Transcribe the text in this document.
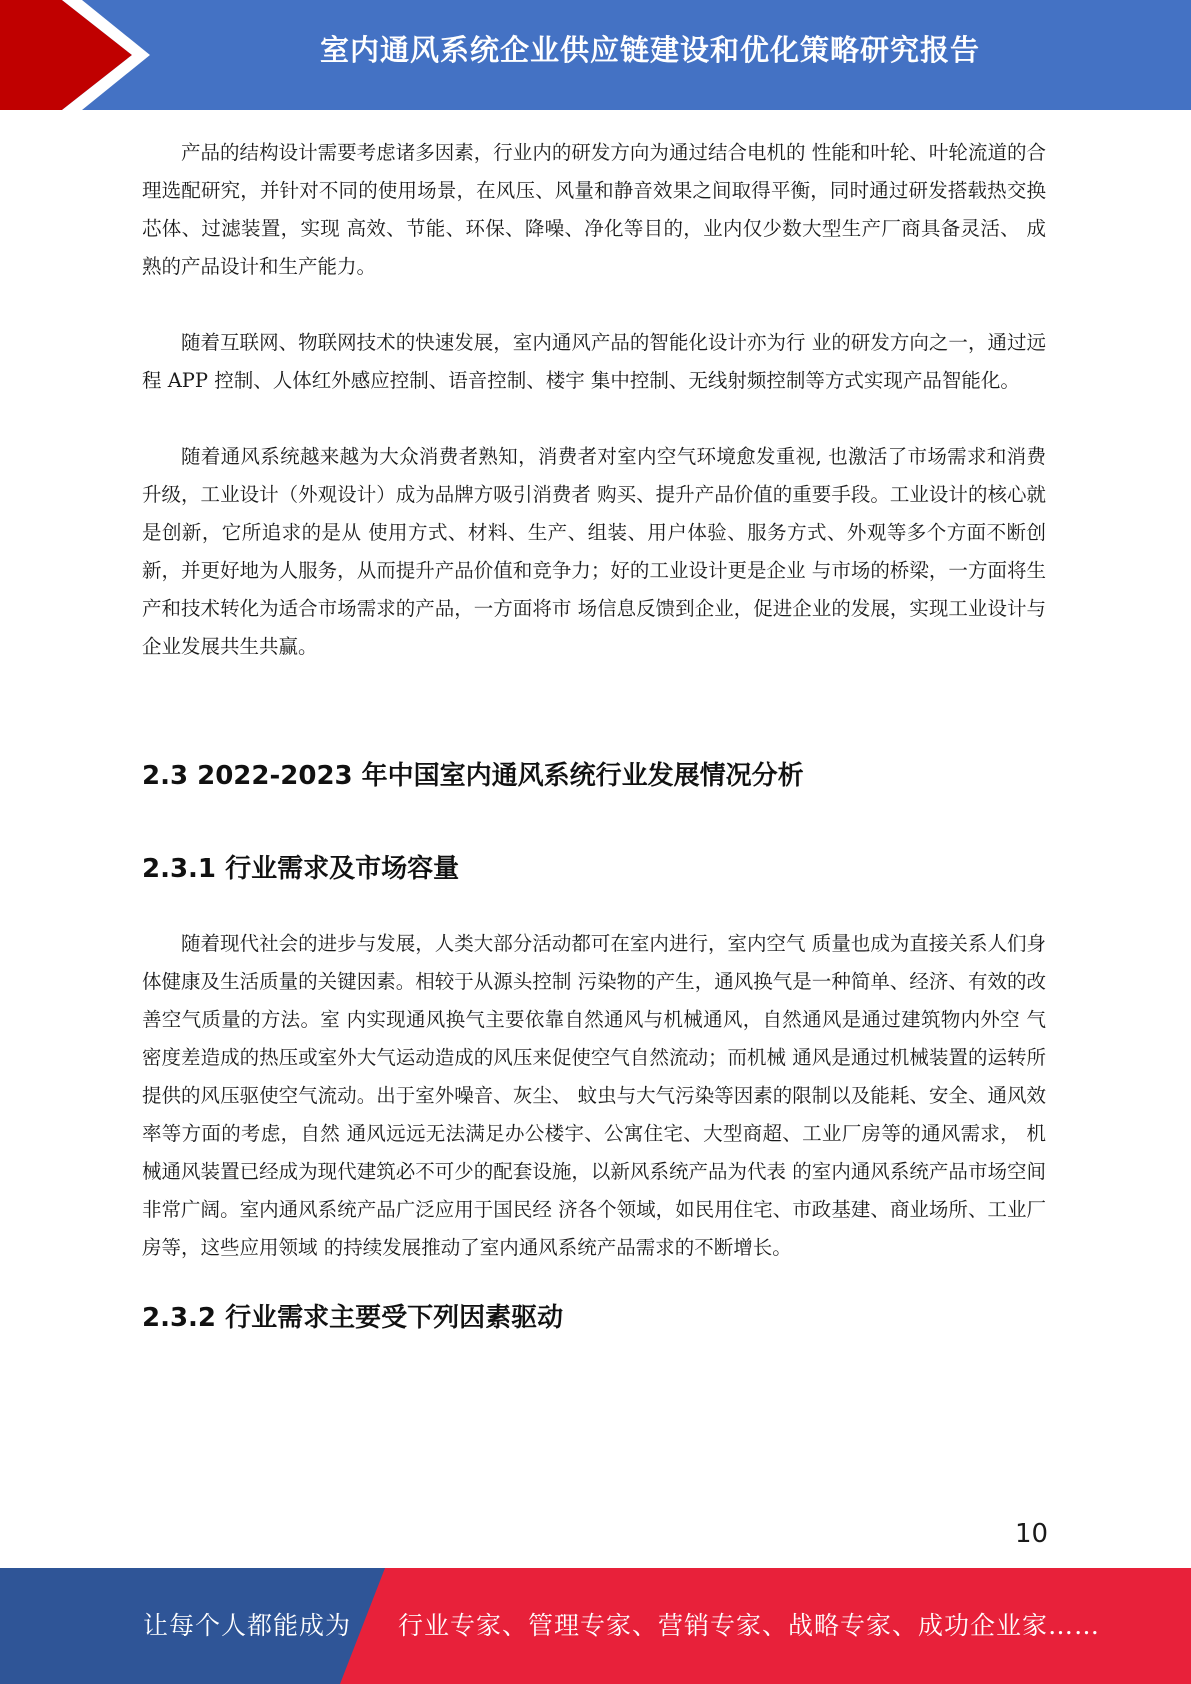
室内通风系统企业供应链建设和优化策略研究报告

产品的结构设计需要考虑诸多因素，行业内的研发方向为通过结合电机的 性能和叶轮、叶轮流道的合理选配研究，并针对不同的使用场景，在风压、风量和静音效果之间取得平衡，同时通过研发搭载热交换芯体、过滤装置，实现 高效、节能、环保、降噪、净化等目的，业内仅少数大型生产厂商具备灵活、 成熟的产品设计和生产能力。

随着互联网、物联网技术的快速发展，室内通风产品的智能化设计亦为行 业的研发方向之一，通过远程 APP 控制、人体红外感应控制、语音控制、楼宇 集中控制、无线射频控制等方式实现产品智能化。

随着通风系统越来越为大众消费者熟知，消费者对室内空气环境愈发重视, 也激活了市场需求和消费升级，工业设计（外观设计）成为品牌方吸引消费者 购买、提升产品价值的重要手段。工业设计的核心就是创新，它所追求的是从 使用方式、材料、生产、组装、用户体验、服务方式、外观等多个方面不断创 新，并更好地为人服务，从而提升产品价值和竞争力；好的工业设计更是企业 与市场的桥梁，一方面将生产和技术转化为适合市场需求的产品，一方面将市 场信息反馈到企业，促进企业的发展，实现工业设计与企业发展共生共赢。

2.3 2022-2023 年中国室内通风系统行业发展情况分析
2.3.1 行业需求及市场容量

随着现代社会的进步与发展，人类大部分活动都可在室内进行，室内空气 质量也成为直接关系人们身体健康及生活质量的关键因素。相较于从源头控制 污染物的产生，通风换气是一种简单、经济、有效的改善空气质量的方法。室 内实现通风换气主要依靠自然通风与机械通风，自然通风是通过建筑物内外空 气密度差造成的热压或室外大气运动造成的风压来促使空气自然流动；而机械 通风是通过机械装置的运转所提供的风压驱使空气流动。出于室外噪音、灰尘、 蚊虫与大气污染等因素的限制以及能耗、安全、通风效率等方面的考虑，自然 通风远远无法满足办公楼宇、公寓住宅、大型商超、工业厂房等的通风需求， 机械通风装置已经成为现代建筑必不可少的配套设施，以新风系统产品为代表 的室内通风系统产品市场空间非常广阔。室内通风系统产品广泛应用于国民经 济各个领域，如民用住宅、市政基建、商业场所、工业厂房等，这些应用领域 的持续发展推动了室内通风系统产品需求的不断增长。

2.3.2 行业需求主要受下列因素驱动
10
让每个人都能成为 行业专家、管理专家、营销专家、战略专家、成功企业家……
